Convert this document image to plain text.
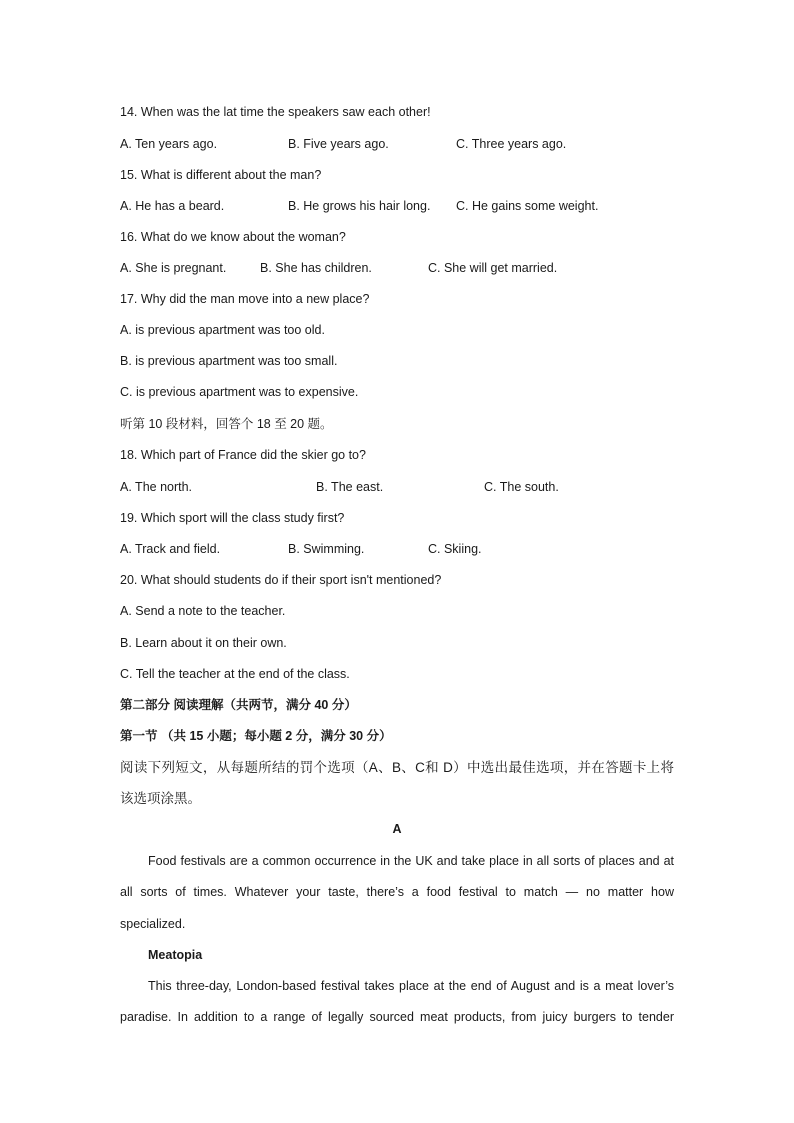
14. When was the lat time the speakers saw each other!
A. Ten years ago.	B. Five years ago.	C. Three years ago.
15. What is different about the man?
A. He has a beard.	B. He grows his hair long. C. He gains some weight.
16. What do we know about the woman?
A. She is pregnant.	B. She has children.	C. She will get married.
17. Why did the man move into a new place?
A. is previous apartment was too old.
B. is previous apartment was too small.
C. is previous apartment was to expensive.
听第 10 段材料，回答个 18 至 20 题。
18. Which part of France did the skier go to?
A. The north.	B. The east.	C. The south.
19. Which sport will the class study first?
A. Track and field.	B. Swimming.	C. Skiing.
20. What should students do if their sport isn't mentioned?
A. Send a note to the teacher.
B. Learn about it on their own.
C. Tell the teacher at the end of the class.
第二部分 阅读理解（共两节，满分 40 分）
第一节 （共 15 小题；每小题 2 分，满分 30 分）
阅读下列短文，从每题所结的罚个选项（A、B、C和 D）中选出最佳选项，并在答题卡上将
该选项涂黑。
A
Food festivals are a common occurrence in the UK and take place in all sorts of places and at
all sorts of times. Whatever your taste, there’s a food festival to match — no matter how
specialized.
Meatopia
This three-day, London-based festival takes place at the end of August and is a meat lover’s
paradise. In addition to a range of legally sourced meat products, from juicy burgers to tender
